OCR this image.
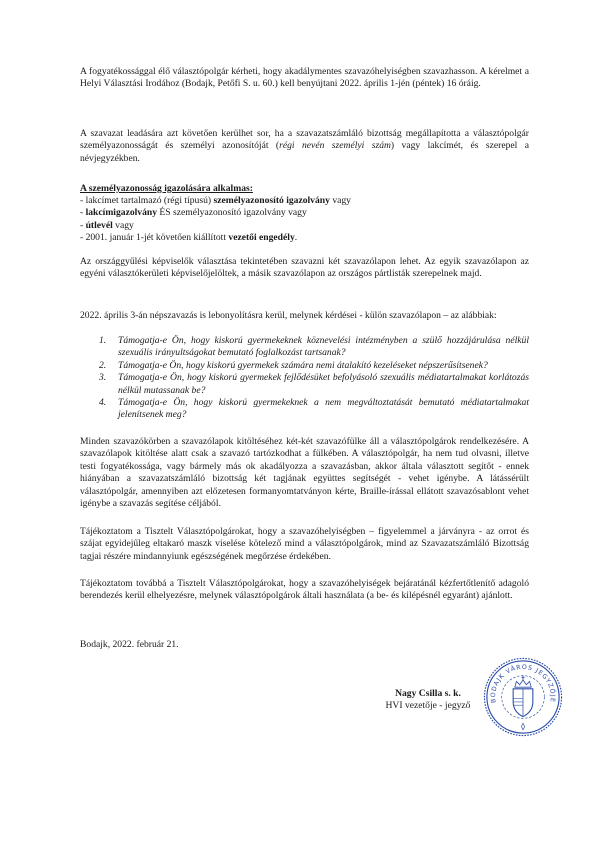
A fogyatékossággal élő választópolgár kérheti, hogy akadálymentes szavazóhelyiségben szavazhasson. A kérelmet a Helyi Választási Irodához (Bodajk, Petőfi S. u. 60.) kell benyújtani 2022. április 1-jén (péntek) 16 óráig.

A szavazat leadására azt követően kerülhet sor, ha a szavazatszámláló bizottság megállapította a választópolgár személyazonosságát és személyi azonosítóját (régi nevén személyi szám) vagy lakcímét, és szerepel a névjegyzékben.

A személyazonosság igazolására alkalmas:

- lakcímet tartalmazó (régi típusú) személyazonosító igazolvány vagy
- lakcímigazolvány ÉS személyazonosító igazolvány vagy
- útlevél vagy
- 2001. január 1-jét követően kiállított vezetői engedély.

Az országgyűlési képviselők választása tekintetében szavazni két szavazólapon lehet. Az egyik szavazólapon az egyéni választókerületi képviselőjelöltek, a másik szavazólapon az országos pártlisták szerepelnek majd.

2022. április 3-án népszavazás is lebonyolításra kerül, melynek kérdései - külön szavazólapon – az alábbiak:

1. Támogatja-e Ön, hogy kiskorú gyermekeknek köznevelési intézményben a szülő hozzájárulása nélkül szexuális irányultságokat bemutató foglalkozást tartsanak?
2. Támogatja-e Ön, hogy kiskorú gyermekek számára nemi átalakító kezeléseket népszerűsítsenek?
3. Támogatja-e Ön, hogy kiskorú gyermekek fejlődésüket befolyásoló szexuális médiatartalmakat korlátozás nélkül mutassanak be?
4. Támogatja-e Ön, hogy kiskorú gyermekeknek a nem megváltoztatását bemutató médiatartalmakat jelenítsenek meg?

Minden szavazókörben a szavazólapok kitöltéséhez két-két szavazófülke áll a választópolgárok rendelkezésére. A szavazólapok kitöltése alatt csak a szavazó tartózkodhat a fülkében. A választópolgár, ha nem tud olvasni, illetve testi fogyatékossága, vagy bármely más ok akadályozza a szavazásban, akkor általa választott segítőt - ennek hiányában a szavazatszámláló bizottság két tagjának együttes segítségét - vehet igénybe. A látássérült választópolgár, amennyiben azt előzetesen formanyomtatványon kérte, Braille-írással ellátott szavazósablont vehet igénybe a szavazás segítése céljából.

Tájékoztatom a Tisztelt Választópolgárokat, hogy a szavazóhelyiségben – figyelemmel a járványra - az orrot és szájat egyidejűleg eltakaró maszk viselése kötelező mind a választópolgárok, mind az Szavazatszámláló Bizottság tagjai részére mindannyiunk egészségének megőrzése érdekében.

Tájékoztatom továbbá a Tisztelt Választópolgárokat, hogy a szavazóhelyiségek bejáratánál kézfertőtlenítő adagoló berendezés kerül elhelyezésre, melynek választópolgárok általi használata (a be- és kilépésnél egyaránt) ajánlott.

Bodajk, 2022. február 21.

Nagy Csilla s. k.
HVI vezetője - jegyző
BODAJK VÁROS JEGYZŐJE
